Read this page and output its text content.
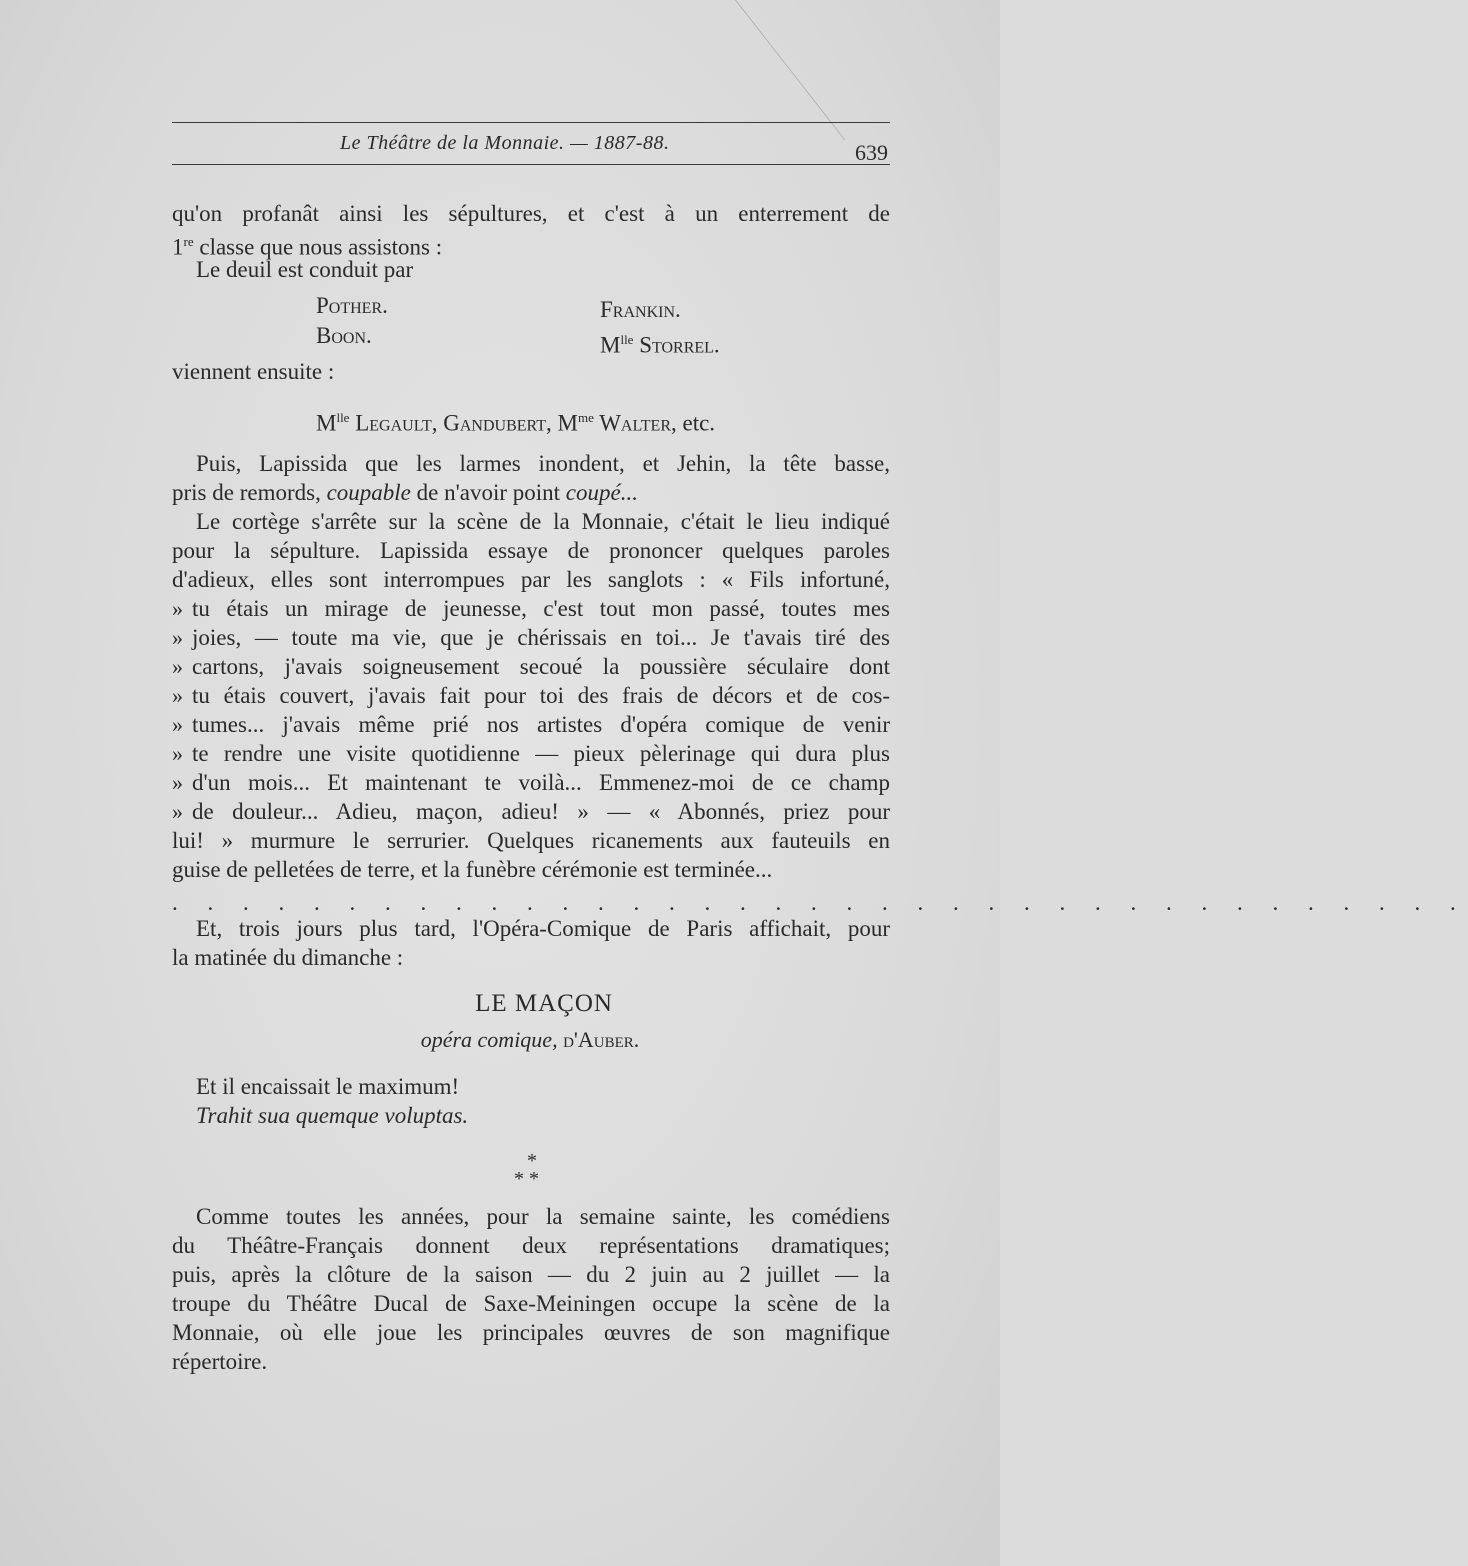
Le Théâtre de la Monnaie. — 1887-88.	639
qu'on profanât ainsi les sépultures, et c'est à un enterrement de
1re classe que nous assistons :
Le deuil est conduit par
Pother.	Frankin.
Boon.	$M^{lle}$ Storrel.
viennent ensuite :
$M^{lle}$ Legault, Gandubert, $M^{me}$ Walter, etc.
Puis, Lapissida que les larmes inondent, et Jehin, la tête basse,
pris de remords, coupable de n'avoir point coupé...
Le cortège s'arrête sur la scène de la Monnaie, c'était le lieu indiqué
pour la sépulture. Lapissida essaye de prononcer quelques paroles
d'adieux, elles sont interrompues par les sanglots : « Fils infortuné,
» tu étais un mirage de jeunesse, c'est tout mon passé, toutes mes
» joies, — toute ma vie, que je chérissais en toi... Je t'avais tiré des
» cartons, j'avais soigneusement secoué la poussière séculaire dont
» tu étais couvert, j'avais fait pour toi des frais de décors et de cos-
» tumes... j'avais même prié nos artistes d'opéra comique de venir
» te rendre une visite quotidienne — pieux pèlerinage qui dura plus
» d'un mois... Et maintenant te voilà... Emmenez-moi de ce champ
» de douleur... Adieu, maçon, adieu! » — « Abonnés, priez pour
lui! » murmure le serrurier. Quelques ricanements aux fauteuils en
guise de pelletées de terre, et la funèbre cérémonie est terminée...
. . . . . . . . . . . . . . . . . . . . . . . . . . . . . . . . . . . . .
Et, trois jours plus tard, l'Opéra-Comique de Paris affichait, pour
la matinée du dimanche :
LE MAÇON
opéra comique, d'Auber.
Et il encaissait le maximum!
Trahit sua quemque voluptas.
*
* *
Comme toutes les années, pour la semaine sainte, les comédiens
du Théâtre-Français donnent deux représentations dramatiques;
puis, après la clôture de la saison — du 2 juin au 2 juillet — la
troupe du Théâtre Ducal de Saxe-Meiningen occupe la scène de la
Monnaie, où elle joue les principales œuvres de son magnifique
répertoire.
